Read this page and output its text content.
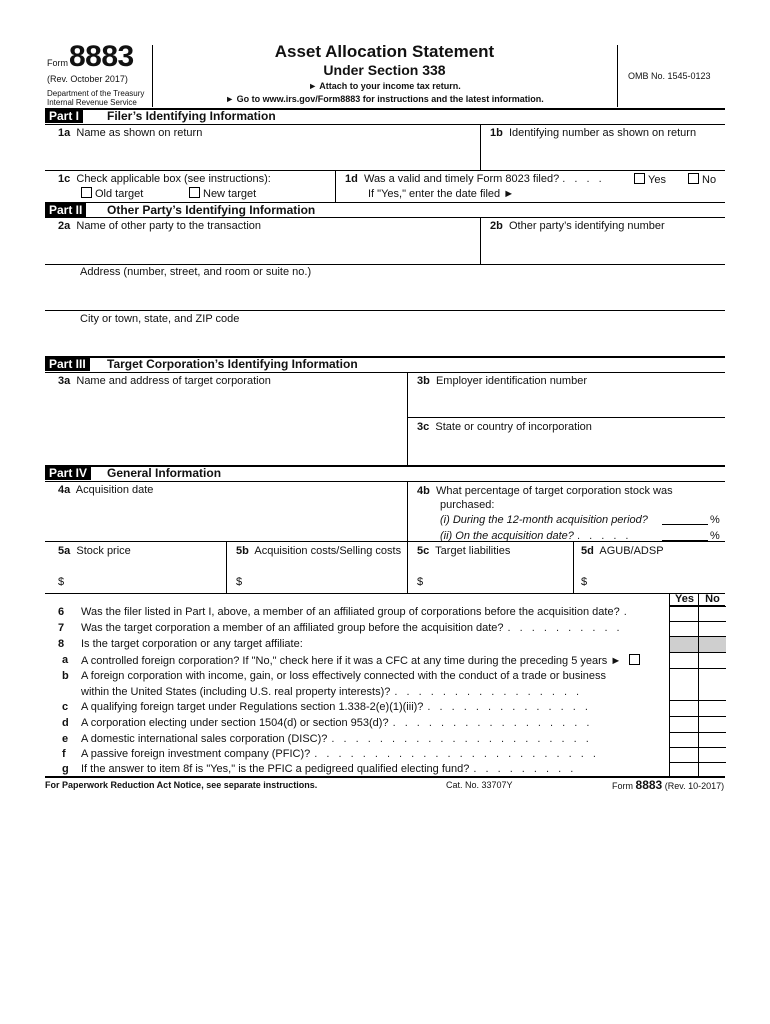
Form 8883
(Rev. October 2017)
Department of the Treasury
Internal Revenue Service
Asset Allocation Statement
Under Section 338
► Attach to your income tax return.
► Go to www.irs.gov/Form8883 for instructions and the latest information.
OMB No. 1545-0123
Part I	Filer’s Identifying Information
1a Name as shown on return	1b Identifying number as shown on return
1c Check applicable box (see instructions):
Old target	New target
1d Was a valid and timely Form 8023 filed? . . . .	Yes	No
If "Yes," enter the date filed ►
Part II	Other Party’s Identifying Information
2a Name of other party to the transaction	2b Other party’s identifying number
Address (number, street, and room or suite no.)
City or town, state, and ZIP code
Part III	Target Corporation’s Identifying Information
3a Name and address of target corporation	3b Employer identification number
3c State or country of incorporation
Part IV	General Information
4a Acquisition date	4b What percentage of target corporation stock was
purchased:
(i) During the 12-month acquisition period?	%
(ii) On the acquisition date? . . . . .	%
5a Stock price	5b Acquisition costs/Selling costs 5c Target liabilities	5d AGUB/ADSP
$	$	$	$
Yes	No
6 Was the filer listed in Part I, above, a member of an affiliated group of corporations before the acquisition date? .
7 Was the target corporation a member of an affiliated group before the acquisition date? . . . . . . . . . .
8 Is the target corporation or any target affiliate:
a A controlled foreign corporation? If "No," check here if it was a CFC at any time during the preceding 5 years ►
b A foreign corporation with income, gain, or loss effectively connected with the conduct of a trade or business
within the United States (including U.S. real property interests)? . . . . . . . . . . . . . . . .
c A qualifying foreign target under Regulations section 1.338-2(e)(1)(iii)? . . . . . . . . . . . . . .
d A corporation electing under section 1504(d) or section 953(d)? . . . . . . . . . . . . . . . . .
e A domestic international sales corporation (DISC)? . . . . . . . . . . . . . . . . . . . . . .
f A passive foreign investment company (PFIC)? . . . . . . . . . . . . . . . . . . . . . . . .
g If the answer to item 8f is "Yes," is the PFIC a pedigreed qualified electing fund? . . . . . . . . .
For Paperwork Reduction Act Notice, see separate instructions.	Cat. No. 33707Y	Form 8883 (Rev. 10-2017)
